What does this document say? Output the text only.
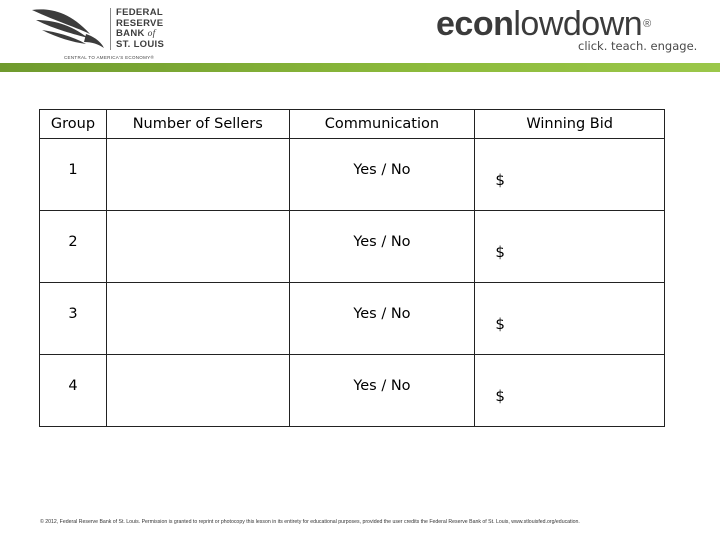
FEDERAL
RESERVE
BANK of
ST. LOUIS
CENTRAL TO AMERICA'S ECONOMY®
econlowdown®
click. teach. engage.
Group	Number of Sellers	Communication	Winning Bid
1		Yes / No	$

2		Yes / No	$

3		Yes / No	$

4		Yes / No	$
© 2012, Federal Reserve Bank of St. Louis. Permission is granted to reprint or photocopy this lesson in its entirety for educational purposes, provided the user credits the Federal Reserve Bank of St. Louis, www.stlouisfed.org/education.
